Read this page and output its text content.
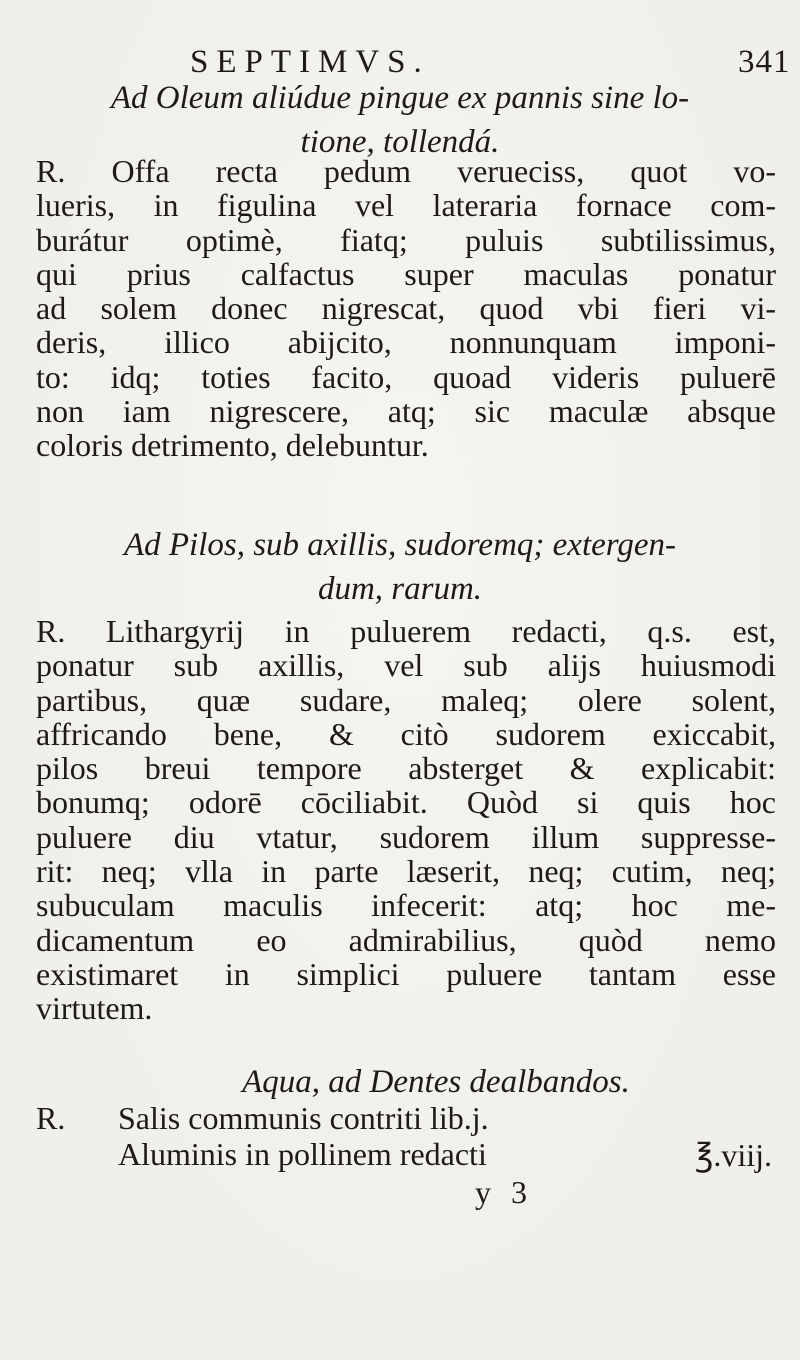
SEPTIMVS.	341
Ad Oleum aliúdue pingue ex pannis sine lo-
tione, tollendá.
R. Offa recta pedum verueciss, quot vo-
lueris, in figulina vel lateraria fornace com-
burátur optimè, fiatq; puluis subtilissimus,
qui prius calfactus super maculas ponatur
ad solem donec nigrescat, quod vbi fieri vi-
deris, illico abijcito, nonnunquam imponi-
to: idq; toties facito, quoad videris puluerē
non iam nigrescere, atq; sic maculæ absque
coloris detrimento, delebuntur.
Ad Pilos, sub axillis, sudoremq; extergen-
dum, rarum.
R. Lithargyrij in puluerem redacti, q.s. est,
ponatur sub axillis, vel sub alijs huiusmodi
partibus, quæ sudare, maleq; olere solent,
affricando bene, & citò sudorem exiccabit,
pilos breui tempore absterget & explicabit:
bonumq; odorē cōciliabit. Quòd si quis hoc
puluere diu vtatur, sudorem illum suppresse-
rit: neq; vlla in parte læserit, neq; cutim, neq;
subuculam maculis infecerit: atq; hoc me-
dicamentum eo admirabilius, quòd nemo
existimaret in simplici puluere tantam esse
virtutem.
Aqua, ad Dentes dealbandos.
R. Salis communis contriti lib.j.
Aluminis in pollinem redacti	℥.viij.
y 3
